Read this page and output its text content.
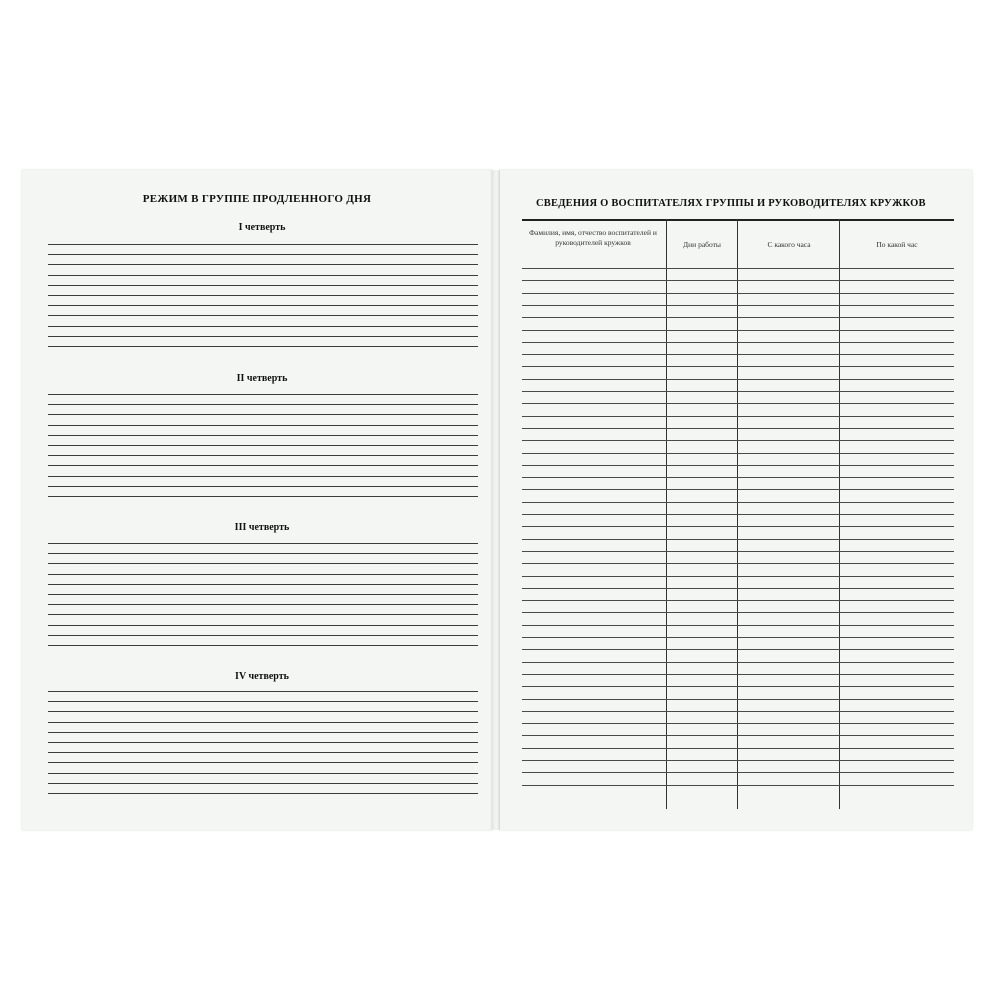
РЕЖИМ В ГРУППЕ ПРОДЛЕННОГО ДНЯ
I четверть
II четверть
III четверть
IV четверть
СВЕДЕНИЯ О ВОСПИТАТЕЛЯХ ГРУППЫ И РУКОВОДИТЕЛЯХ КРУЖКОВ
Фамилия, имя, отчество воспитателей и руководителей кружков	Дни работы	С какого часа	По какой час
